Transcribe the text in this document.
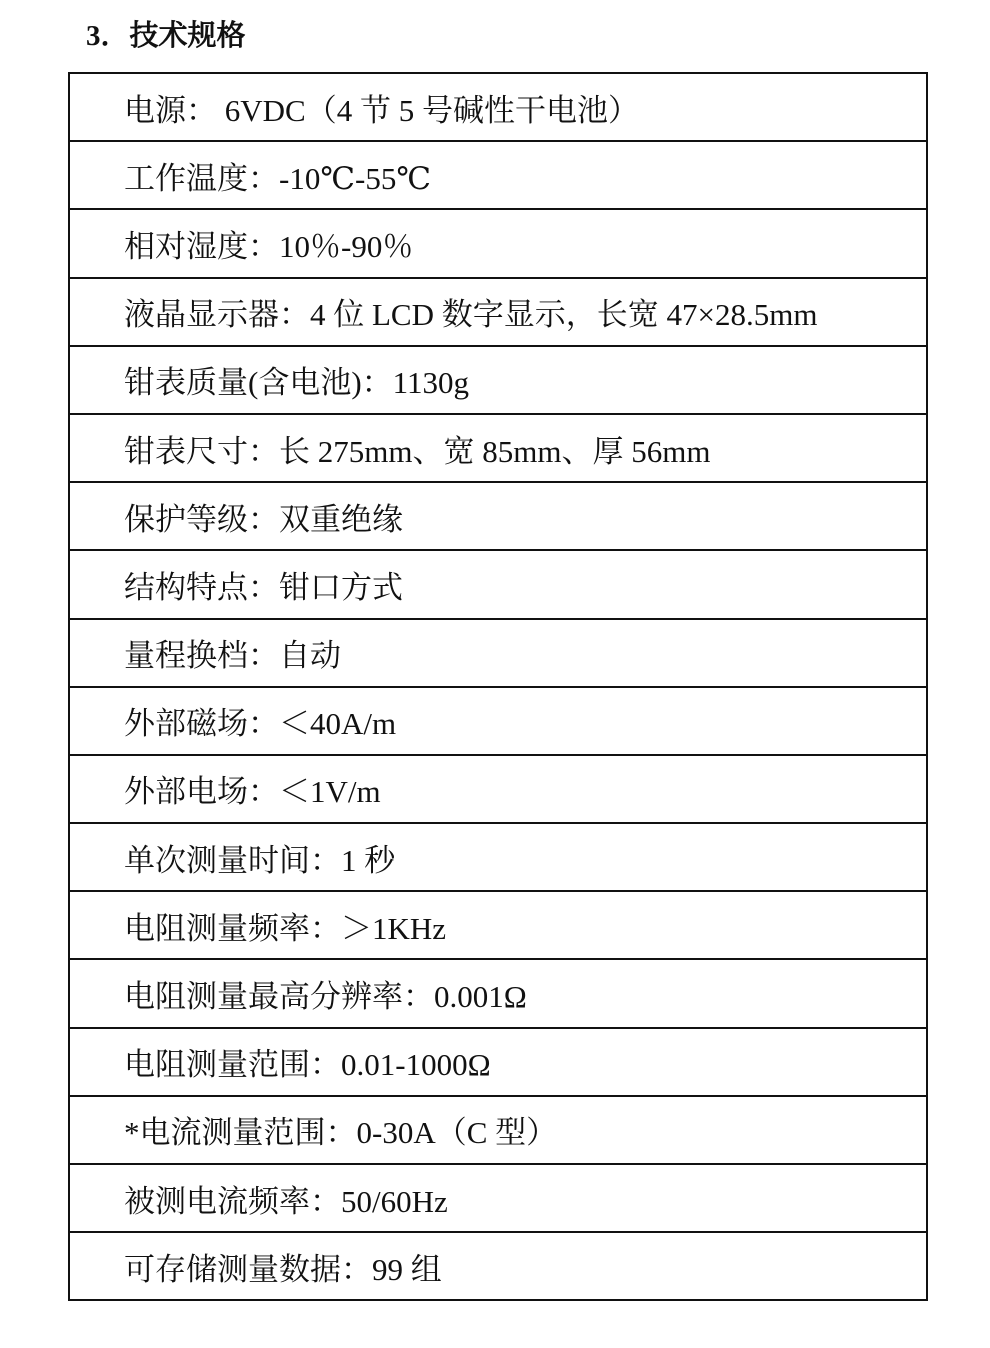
3．技术规格
电源： 6VDC（4 节 5 号碱性干电池）
工作温度：-10℃-55℃
相对湿度：10％-90％
液晶显示器：4 位 LCD 数字显示，长宽 47×28.5mm
钳表质量(含电池)：1130g
钳表尺寸：长 275mm、宽 85mm、厚 56mm
保护等级：双重绝缘
结构特点：钳口方式
量程换档：自动
外部磁场：＜40A/m
外部电场：＜1V/m
单次测量时间：1 秒
电阻测量频率：＞1KHz
电阻测量最高分辨率：0.001Ω
电阻测量范围：0.01-1000Ω
*电流测量范围：0-30A（C 型）
被测电流频率：50/60Hz
可存储测量数据：99 组
